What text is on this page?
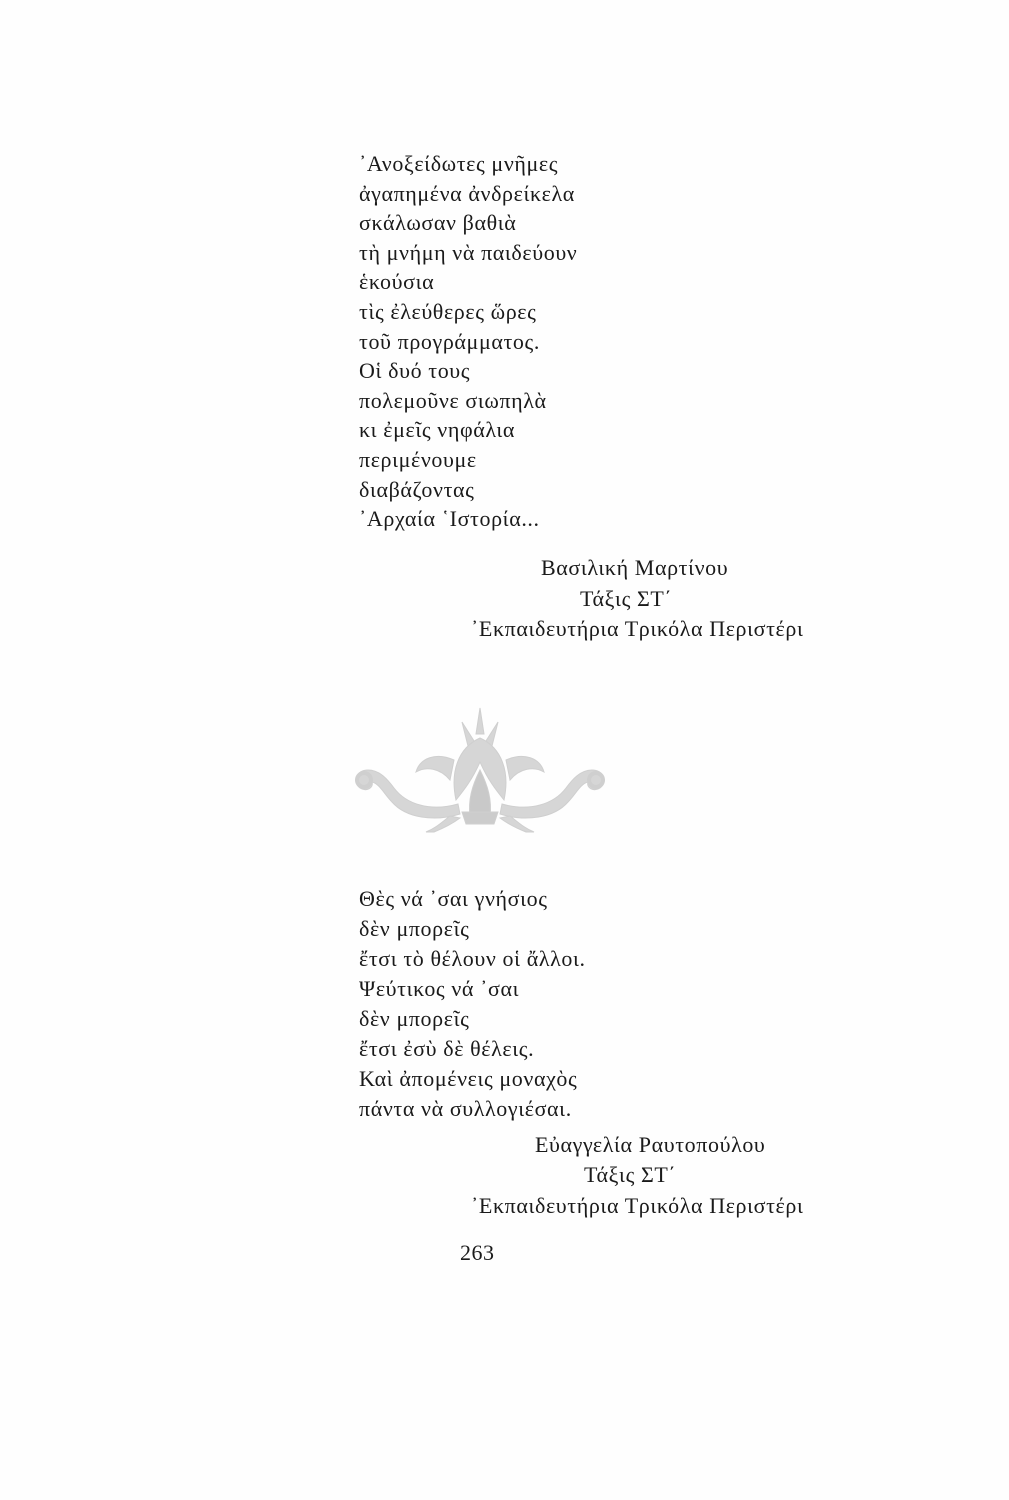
᾿Ανοξείδωτες μνῆμες
ἀγαπημένα ἀνδρείκελα
σκάλωσαν βαθιὰ
τὴ μνήμη νὰ παιδεύουν
ἑκούσια
τὶς ἐλεύθερες ὥρες
τοῦ προγράμματος.
Οἱ δυό τους
πολεμοῦνε σιωπηλὰ
κι ἐμεῖς νηφάλια
περιμένουμε
διαβάζοντας
᾿Αρχαία ῾Ιστορία...
Βασιλική Μαρτίνου
Τάξις ΣΤ΄
᾿Εκπαιδευτήρια Τρικόλα Περιστέρι
Θὲς νά ᾿σαι γνήσιος
δὲν μπορεῖς
ἔτσι τὸ θέλουν οἱ ἄλλοι.
Ψεύτικος νά ᾿σαι
δὲν μπορεῖς
ἔτσι ἐσὺ δὲ θέλεις.
Καὶ ἀπομένεις μοναχὸς
πάντα νὰ συλλογιέσαι.
Εὐαγγελία Ραυτοπούλου
Τάξις ΣΤ΄
᾿Εκπαιδευτήρια Τρικόλα Περιστέρι
263
